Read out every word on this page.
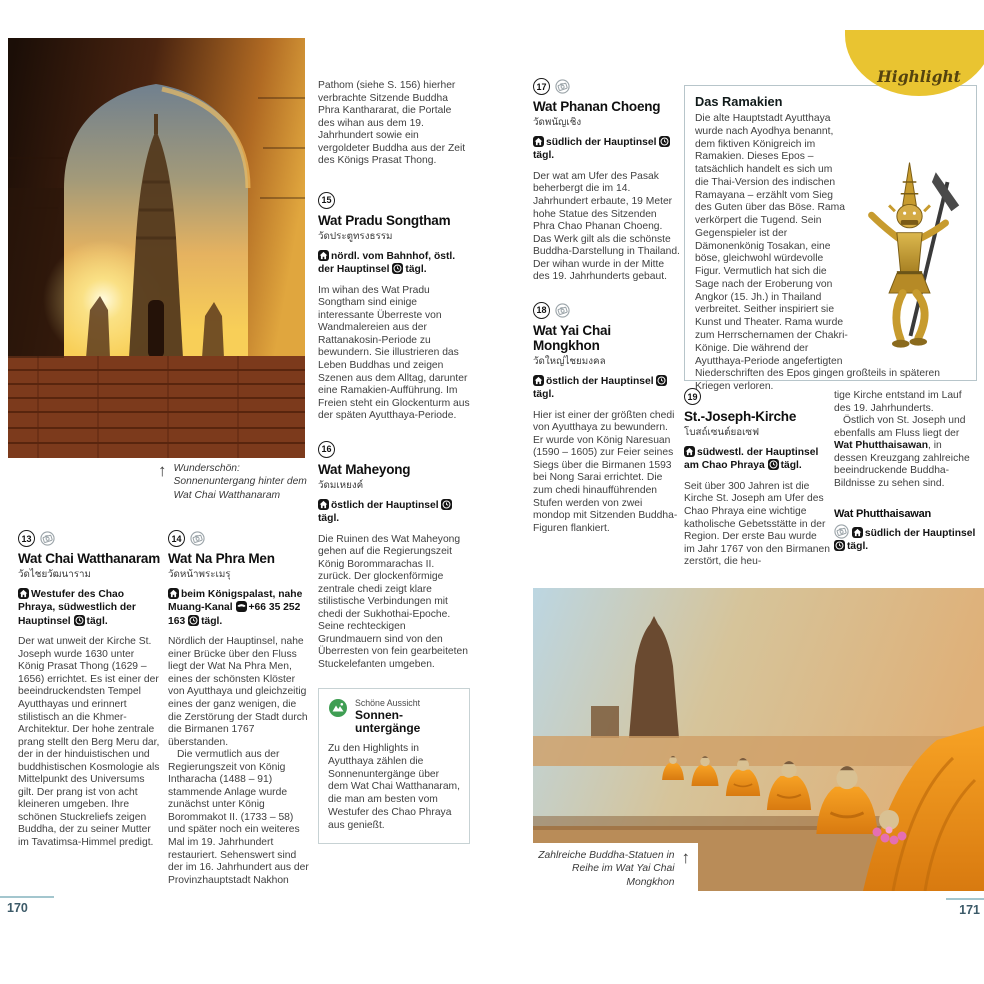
↑ Wunderschön: Sonnenuntergang hinter dem Wat Chai Watthanaram
13
Wat Chai Watthanaram
วัดไชยวัฒนาราม

Westufer des Chao Phraya, südwestlich der Hauptinsel tägl.

Der wat unweit der Kirche St. Joseph wurde 1630 unter König Prasat Thong (1629 – 1656) errichtet. Es ist einer der beeindruckendsten Tempel Ayutthayas und erinnert stilistisch an die Khmer-Architektur. Der hohe zentrale prang stellt den Berg Meru dar, der in der hinduistischen und buddhistischen Kosmologie als Mittelpunkt des Universums gilt. Der prang ist von acht kleineren umgeben. Ihre schönen Stuckreliefs zeigen Buddha, der zu seiner Mutter im Tavatimsa-Himmel predigt.

14
Wat Na Phra Men
วัดหน้าพระเมรุ

beim Königspalast, nahe Muang-Kanal +66 35 252 163 tägl.

Nördlich der Hauptinsel, nahe einer Brücke über den Fluss liegt der Wat Na Phra Men, eines der schönsten Klöster von Ayutthaya und gleichzeitig eines der ganz wenigen, die die Zerstörung der Stadt durch die Birmanen 1767 überstanden.

Die vermutlich aus der Regierungszeit von König Intharacha (1488 – 91) stammende Anlage wurde zunächst unter König Borommakot II. (1733 – 58) und später noch ein weiteres Mal im 19. Jahrhundert restauriert. Sehenswert sind der im 16. Jahrhundert aus der Provinzhauptstadt Nakhon

Pathom (siehe S. 156) hierher verbrachte Sitzende Buddha Phra Kanthararat, die Portale des wihan aus dem 19. Jahrhundert sowie ein vergoldeter Buddha aus der Zeit des Königs Prasat Thong.

15
Wat Pradu Songtham
วัดประตูทรงธรรม

nördl. vom Bahnhof, östl. der Hauptinsel tägl.

Im wihan des Wat Pradu Songtham sind einige interessante Überreste von Wandmalereien aus der Rattanakosin-Periode zu bewundern. Sie illustrieren das Leben Buddhas und zeigen Szenen aus dem Alltag, darunter eine Ramakien-Aufführung. Im Freien steht ein Glockenturm aus der späten Ayutthaya-Periode.

16
Wat Maheyong
วัดมเหยงค์

östlich der Hauptinsel
tägl.

Die Ruinen des Wat Maheyong gehen auf die Regierungszeit König Borommarachas II. zurück. Der glockenförmige zentrale chedi zeigt klare stilistische Verbindungen mit chedi der Sukhothai-Epoche. Seine rechteckigen Grundmauern sind von den Überresten von fein gearbeiteten Stuckelefanten umgeben.

Schöne Aussicht

Sonnen-untergänge

Zu den Highlights in Ayutthaya zählen die Sonnenuntergänge über dem Wat Chai Watthanaram, die man am besten vom Westufer des Chao Phraya aus genießt.

170
17
Wat Phanan Choeng
วัดพนัญเชิง

südlich der Hauptinsel
tägl.

Der wat am Ufer des Pasak beherbergt die im 14. Jahrhundert erbaute, 19 Meter hohe Statue des Sitzenden Phra Chao Phanan Choeng. Das Werk gilt als die schönste Buddha-Darstellung in Thailand. Der wihan wurde in der Mitte des 19. Jahrhunderts gebaut.

18
Wat Yai Chai Mongkhon
วัดใหญ่ไชยมงคล

östlich der Hauptinsel
tägl.

Hier ist einer der größten chedi von Ayutthaya zu bewundern. Er wurde von König Naresuan (1590 – 1605) zur Feier seines Siegs über die Birmanen 1593 bei Nong Sarai errichtet. Die zum chedi hinaufführenden Stufen werden von zwei mondop mit Sitzenden Buddha-Figuren flankiert.

Das Ramakien

Die alte Hauptstadt Ayutthaya wurde nach Ayodhya benannt, dem fiktiven Königreich im Ramakien. Dieses Epos – tatsächlich handelt es sich um die Thai-Version des indischen Ramayana – erzählt vom Sieg des Guten über das Böse. Rama verkörpert die Tugend. Sein Gegenspieler ist der Dämonenkönig Tosakan, eine böse, gleichwohl würdevolle Figur. Vermutlich hat sich die Sage nach der Eroberung von Angkor (15. Jh.) in Thailand verbreitet. Seither inspiriert sie Kunst und Theater. Rama wurde zum Herrschernamen der Chakri-Könige. Die während der Ayutthaya-Periode angefertigten Niederschriften des Epos gingen großteils in späteren Kriegen verloren.

Highlight
19
St.-Joseph-Kirche
โบสถ์เซนต์ยอเซฟ

südwestl. der Hauptinsel am Chao Phraya tägl.

Seit über 300 Jahren ist die Kirche St. Joseph am Ufer des Chao Phraya eine wichtige katholische Gebetsstätte in der Region. Der erste Bau wurde im Jahr 1767 von den Birmanen zerstört, die heu-

tige Kirche entstand im Lauf des 19. Jahrhunderts.

Östlich von St. Joseph und ebenfalls am Fluss liegt der Wat Phutthaisawan, in dessen Kreuzgang zahlreiche beeindruckende Buddha-Bildnisse zu sehen sind.

Wat Phutthaisawan

südlich der Hauptinsel
tägl.

Zahlreiche Buddha-Statuen in Reihe im Wat Yai Chai Mongkhon
↑
171
